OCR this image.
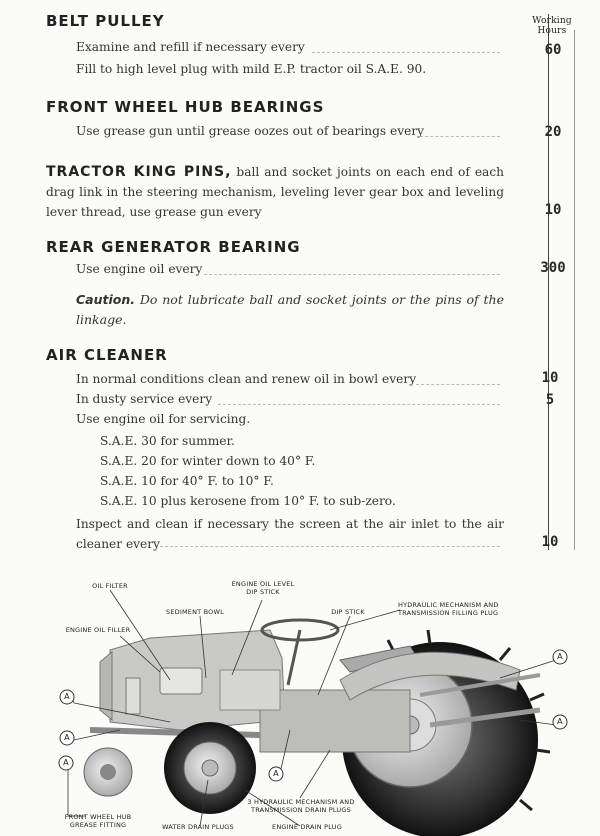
Working
Hours
BELT PULLEY
Examine and refill if necessary every	60
Fill to high level plug with mild E.P. tractor oil S.A.E. 90.
FRONT WHEEL HUB BEARINGS
Use grease gun until grease oozes out of bearings every	20
TRACTOR KING PINS, ball and socket joints on each end of each drag link in the steering mechanism, leveling lever gear box and leveling lever thread, use grease gun every	10
REAR GENERATOR BEARING
Use engine oil every	300
Caution. Do not lubricate ball and socket joints or the pins of the linkage.
AIR CLEANER
In normal conditions clean and renew oil in bowl every	10
In dusty service every	5
Use engine oil for servicing.
S.A.E. 30 for summer.
S.A.E. 20 for winter down to 40° F.
S.A.E. 10 for 40° F. to 10° F.
S.A.E. 10 plus kerosene from 10° F. to sub-zero.
Inspect and clean if necessary the screen at the air inlet to the air cleaner every	10
A
A
A
A
A
A
OIL FILTER	ENGINE OIL LEVEL
DIP STICK
SEDIMENT BOWL	DIP STICK
HYDRAULIC MECHANISM AND
TRANSMISSION FILLING PLUG
ENGINE OIL FILLER
FRONT WHEEL HUB
GREASE FITTING	WATER DRAIN PLUGS
3 HYDRAULIC MECHANISM AND
TRANSMISSION DRAIN PLUGS
ENGINE DRAIN PLUG
